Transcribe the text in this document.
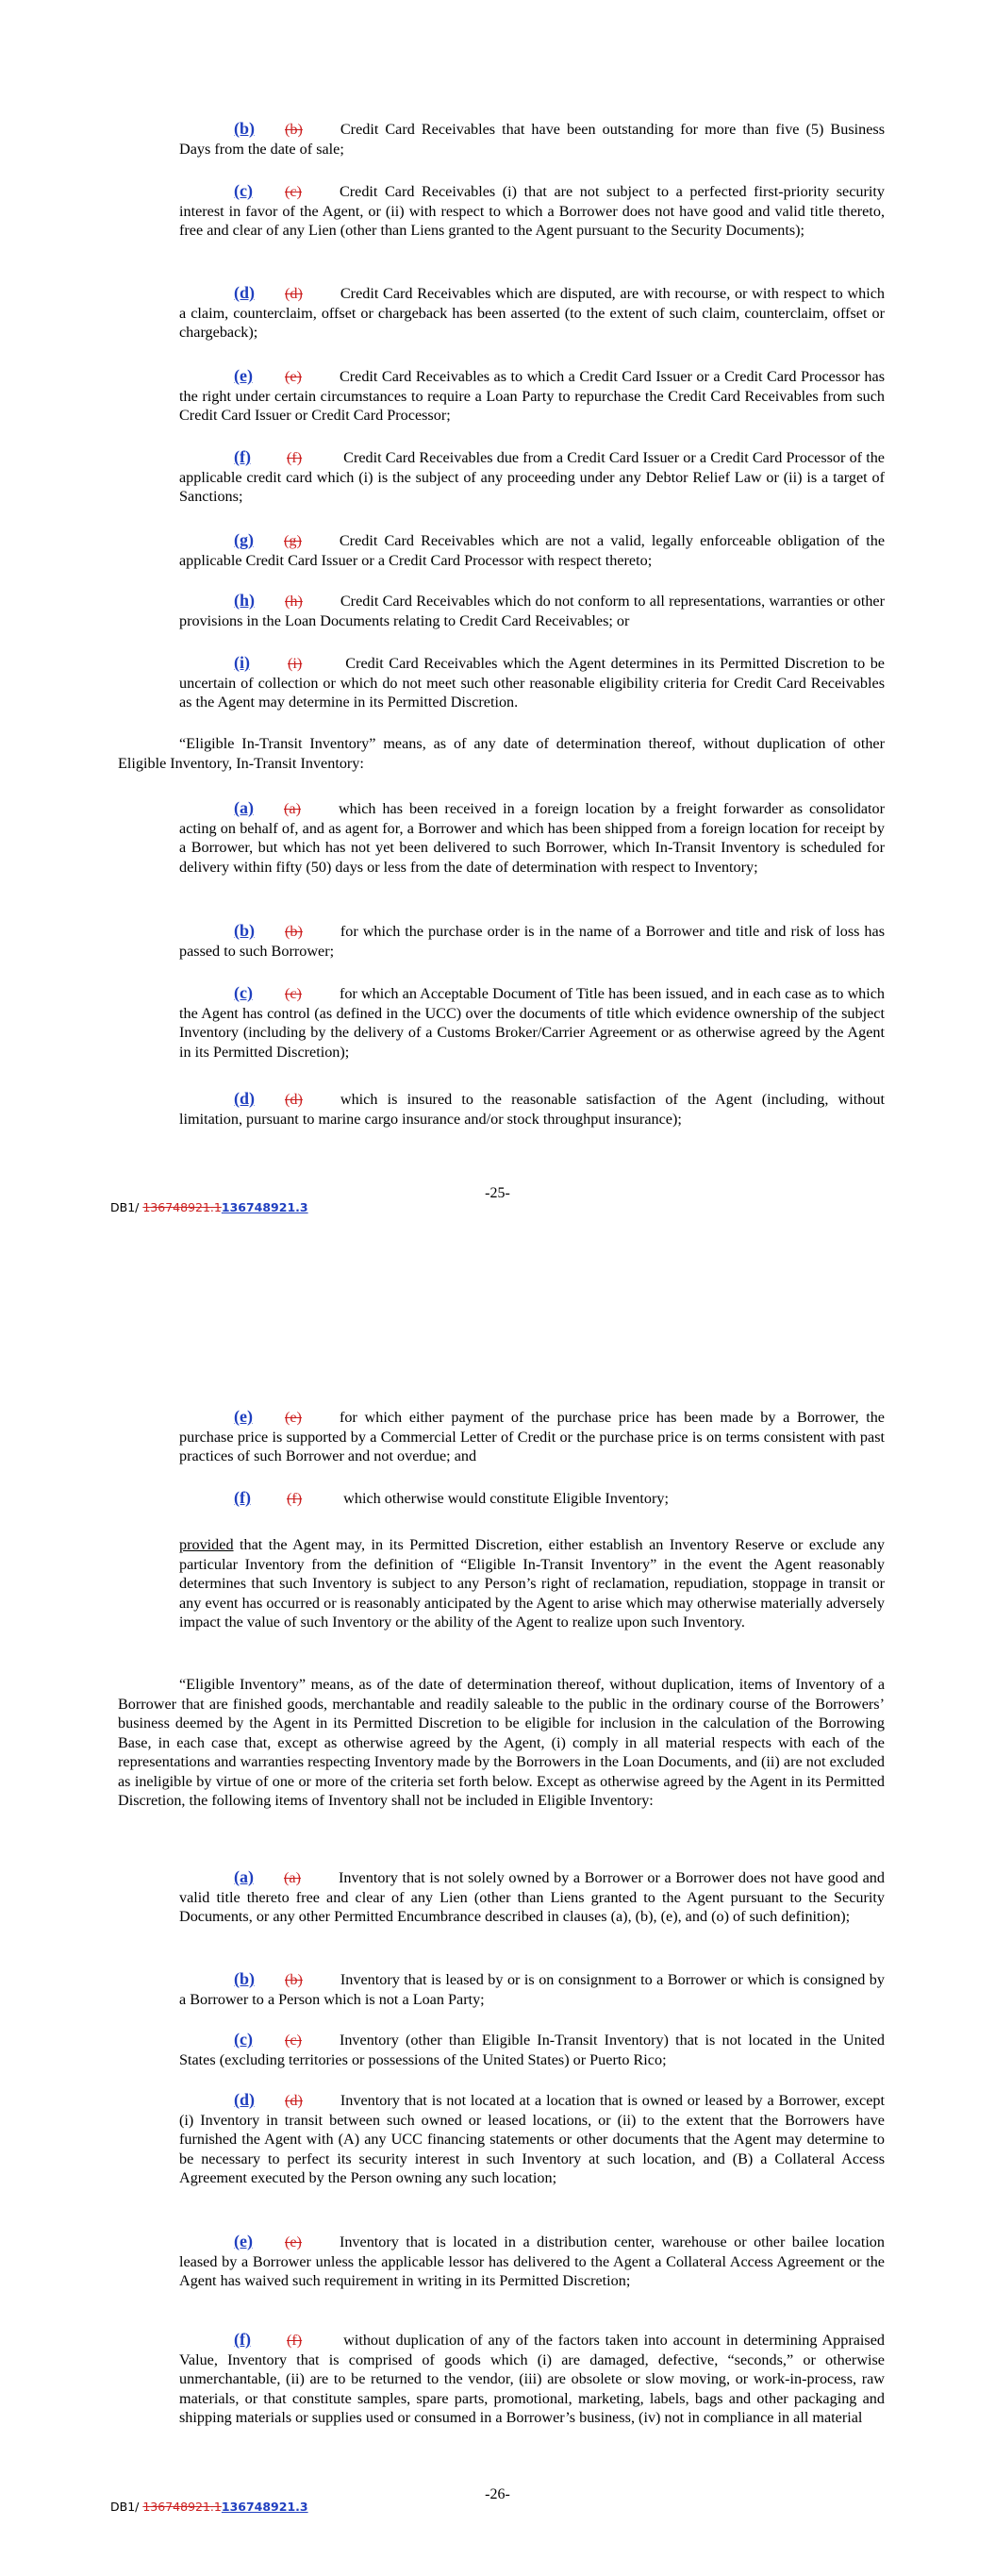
(b) (b) Credit Card Receivables that have been outstanding for more than five (5) Business Days from the date of sale;

(c) (c) Credit Card Receivables (i) that are not subject to a perfected first-priority security interest in favor of the Agent, or (ii) with respect to which a Borrower does not have good and valid title thereto, free and clear of any Lien (other than Liens granted to the Agent pursuant to the Security Documents);

(d) (d) Credit Card Receivables which are disputed, are with recourse, or with respect to which a claim, counterclaim, offset or chargeback has been asserted (to the extent of such claim, counterclaim, offset or chargeback);

(e) (e) Credit Card Receivables as to which a Credit Card Issuer or a Credit Card Processor has the right under certain circumstances to require a Loan Party to repurchase the Credit Card Receivables from such Credit Card Issuer or Credit Card Processor;

(f) (f)	Credit Card Receivables due from a Credit Card Issuer or a Credit Card Processor of the applicable credit card which (i) is the subject of any proceeding under any Debtor Relief Law or (ii) is a target of Sanctions;

(g) (g) Credit Card Receivables which are not a valid, legally enforceable obligation of the applicable Credit Card Issuer or a Credit Card Processor with respect thereto;

(h) (h) Credit Card Receivables which do not conform to all representations, warranties or other provisions in the Loan Documents relating to Credit Card Receivables; or

(i) (i)	Credit Card Receivables which the Agent determines in its Permitted Discretion to be uncertain of collection or which do not meet such other reasonable eligibility criteria for Credit Card Receivables as the Agent may determine in its Permitted Discretion.

“Eligible In-Transit Inventory” means, as of any date of determination thereof, without duplication of other Eligible Inventory, In-Transit Inventory:

(a) (a) which has been received in a foreign location by a freight forwarder as consolidator acting on behalf of, and as agent for, a Borrower and which has been shipped from a foreign location for receipt by a Borrower, but which has not yet been delivered to such Borrower, which In-Transit Inventory is scheduled for delivery within fifty (50) days or less from the date of determination with respect to Inventory;

(b) (b) for which the purchase order is in the name of a Borrower and title and risk of loss has passed to such Borrower;

(c) (c) for which an Acceptable Document of Title has been issued, and in each case as to which the Agent has control (as defined in the UCC) over the documents of title which evidence ownership of the subject Inventory (including by the delivery of a Customs Broker/Carrier Agreement or as otherwise agreed by the Agent in its Permitted Discretion);

(d) (d) which is insured to the reasonable satisfaction of the Agent (including, without limitation, pursuant to marine cargo insurance and/or stock throughput insurance);

-25-
DB1/ 136748921.1136748921.3

(e) (e) for which either payment of the purchase price has been made by a Borrower, the purchase price is supported by a Commercial Letter of Credit or the purchase price is on terms consistent with past practices of such Borrower and not overdue; and

(f) (f)	which otherwise would constitute Eligible Inventory;

provided that the Agent may, in its Permitted Discretion, either establish an Inventory Reserve or exclude any particular Inventory from the definition of “Eligible In-Transit Inventory” in the event the Agent reasonably determines that such Inventory is subject to any Person’s right of reclamation, repudiation, stoppage in transit or any event has occurred or is reasonably anticipated by the Agent to arise which may otherwise materially adversely impact the value of such Inventory or the ability of the Agent to realize upon such Inventory.

“Eligible Inventory” means, as of the date of determination thereof, without duplication, items of Inventory of a Borrower that are finished goods, merchantable and readily saleable to the public in the ordinary course of the Borrowers’ business deemed by the Agent in its Permitted Discretion to be eligible for inclusion in the calculation of the Borrowing Base, in each case that, except as otherwise agreed by the Agent, (i) comply in all material respects with each of the representations and warranties respecting Inventory made by the Borrowers in the Loan Documents, and (ii) are not excluded as ineligible by virtue of one or more of the criteria set forth below. Except as otherwise agreed by the Agent in its Permitted Discretion, the following items of Inventory shall not be included in Eligible Inventory:

(a) (a) Inventory that is not solely owned by a Borrower or a Borrower does not have good and valid title thereto free and clear of any Lien (other than Liens granted to the Agent pursuant to the Security Documents, or any other Permitted Encumbrance described in clauses (a), (b), (e), and (o) of such definition);

(b) (b) Inventory that is leased by or is on consignment to a Borrower or which is consigned by a Borrower to a Person which is not a Loan Party;

(c) (c) Inventory (other than Eligible In-Transit Inventory) that is not located in the United States (excluding territories or possessions of the United States) or Puerto Rico;

(d) (d) Inventory that is not located at a location that is owned or leased by a Borrower, except (i) Inventory in transit between such owned or leased locations, or (ii) to the extent that the Borrowers have furnished the Agent with (A) any UCC financing statements or other documents that the Agent may determine to be necessary to perfect its security interest in such Inventory at such location, and (B) a Collateral Access Agreement executed by the Person owning any such location;

(e) (e) Inventory that is located in a distribution center, warehouse or other bailee location leased by a Borrower unless the applicable lessor has delivered to the Agent a Collateral Access Agreement or the Agent has waived such requirement in writing in its Permitted Discretion;

(f) (f)	without duplication of any of the factors taken into account in determining Appraised Value, Inventory that is comprised of goods which (i) are damaged, defective, “seconds,” or otherwise unmerchantable, (ii) are to be returned to the vendor, (iii) are obsolete or slow moving, or work-in-process, raw materials, or that constitute samples, spare parts, promotional, marketing, labels, bags and other packaging and shipping materials or supplies used or consumed in a Borrower’s business, (iv) not in compliance in all material

-26-
DB1/ 136748921.1136748921.3
